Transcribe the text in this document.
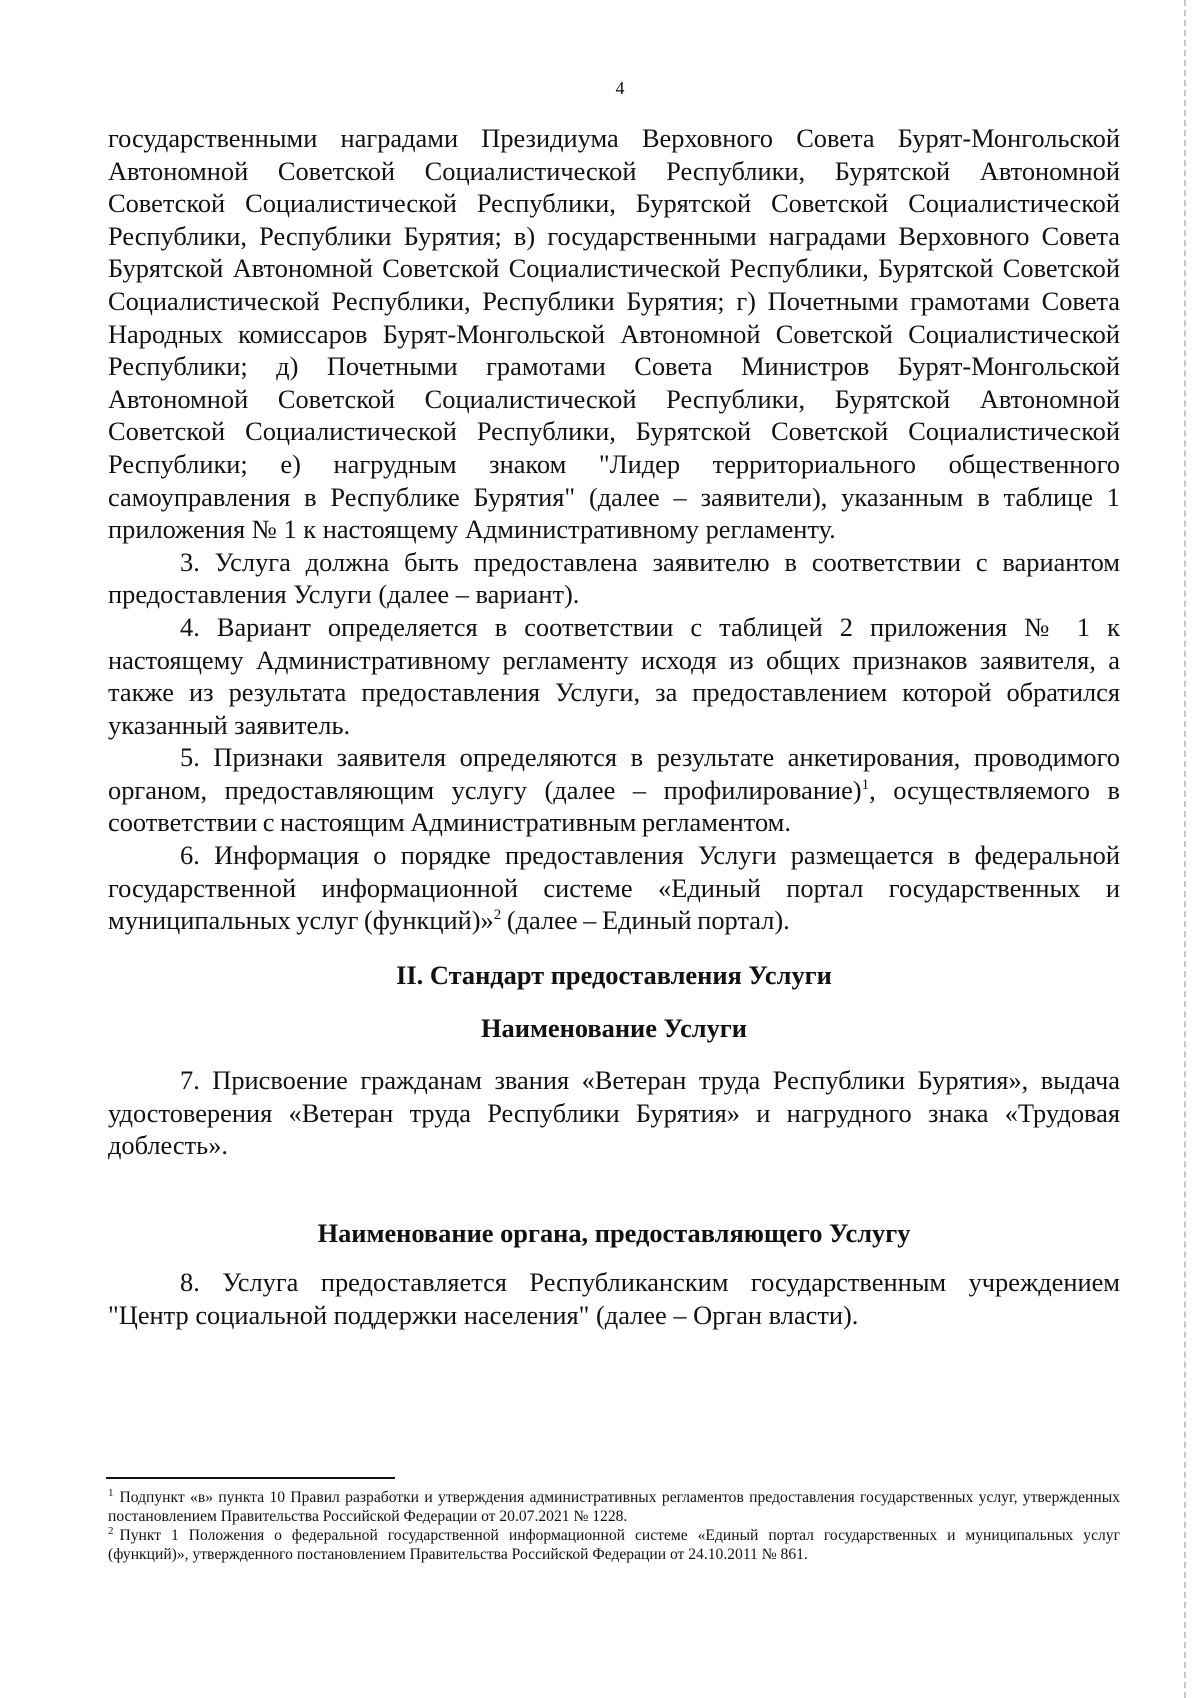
4

государственными наградами Президиума Верховного Совета Бурят-Монгольской Автономной Советской Социалистической Республики, Бурятской Автономной Советской Социалистической Республики, Бурятской Советской Социалистической Республики, Республики Бурятия; в) государственными наградами Верховного Совета Бурятской Автономной Советской Социалистической Республики, Бурятской Советской Социалистической Республики, Республики Бурятия; г) Почетными грамотами Совета Народных комиссаров Бурят-Монгольской Автономной Советской Социалистической Республики; д) Почетными грамотами Совета Министров Бурят-Монгольской Автономной Советской Социалистической Республики, Бурятской Автономной Советской Социалистической Республики, Бурятской Советской Социалистической Республики; е) нагрудным знаком "Лидер территориального общественного самоуправления в Республике Бурятия" (далее – заявители), указанным в таблице 1 приложения № 1 к настоящему Административному регламенту.

3. Услуга должна быть предоставлена заявителю в соответствии с вариантом предоставления Услуги (далее – вариант).

4. Вариант определяется в соответствии с таблицей 2 приложения № 1 к настоящему Административному регламенту исходя из общих признаков заявителя, а также из результата предоставления Услуги, за предоставлением которой обратился указанный заявитель.

5. Признаки заявителя определяются в результате анкетирования, проводимого органом, предоставляющим услугу (далее – профилирование)$^1$, осуществляемого в соответствии с настоящим Административным регламентом.

6. Информация о порядке предоставления Услуги размещается в федеральной государственной информационной системе «Единый портал государственных и муниципальных услуг (функций)»$^2$ (далее – Единый портал).

II. Стандарт предоставления Услуги
Наименование Услуги

7. Присвоение гражданам звания «Ветеран труда Республики Бурятия», выдача удостоверения «Ветеран труда Республики Бурятия» и нагрудного знака «Трудовая доблесть».

Наименование органа, предоставляющего Услугу

8. Услуга предоставляется Республиканским государственным учреждением "Центр социальной поддержки населения" (далее – Орган власти).

$^1$ Подпункт «в» пункта 10 Правил разработки и утверждения административных регламентов предоставления государственных услуг, утвержденных постановлением Правительства Российской Федерации от 20.07.2021 № 1228.

$^2$ Пункт 1 Положения о федеральной государственной информационной системе «Единый портал государственных и муниципальных услуг (функций)», утвержденного постановлением Правительства Российской Федерации от 24.10.2011 № 861.
